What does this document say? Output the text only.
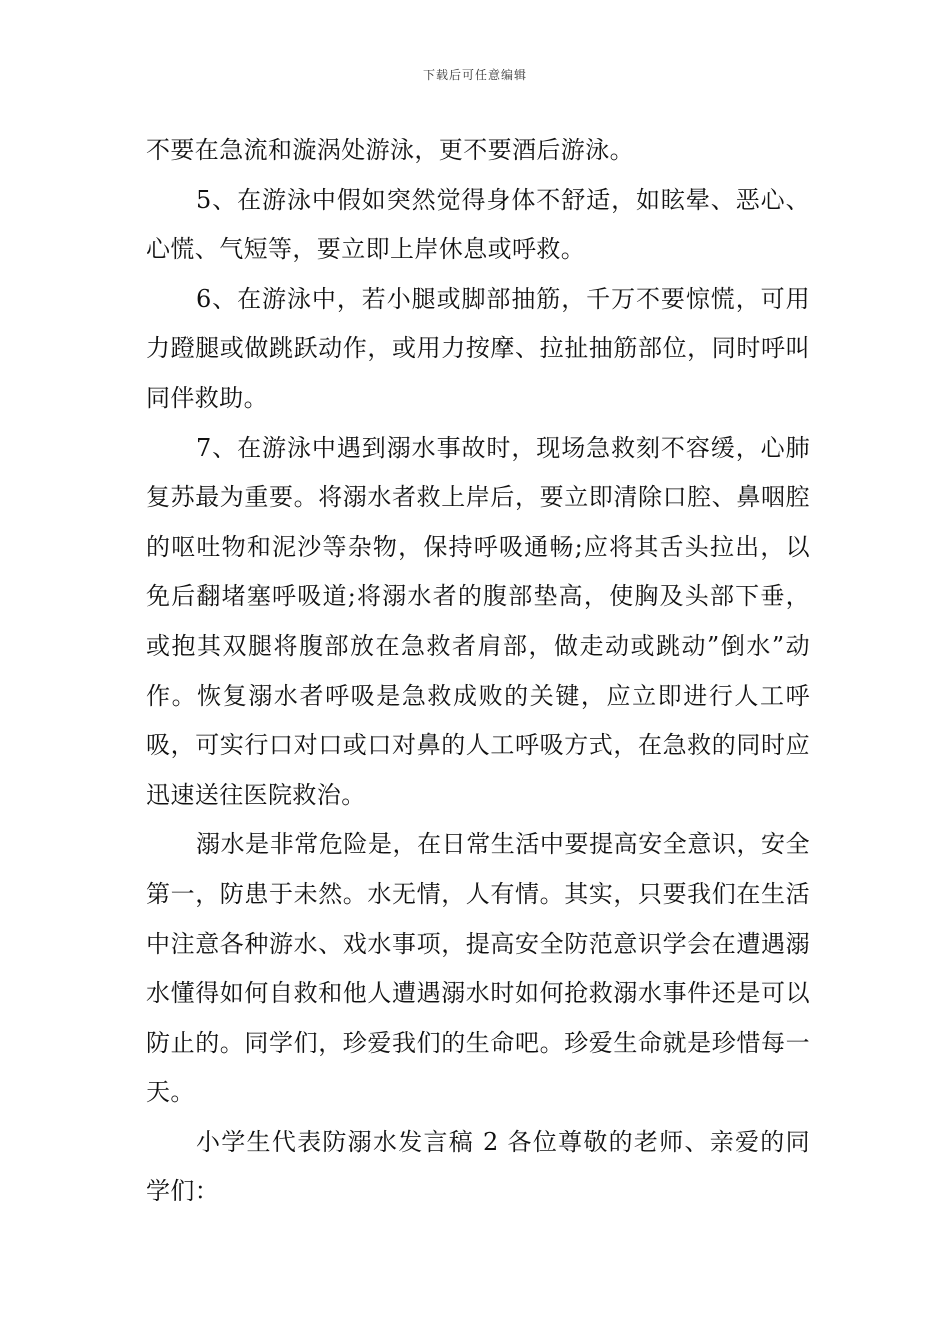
下载后可任意编辑

不要在急流和漩涡处游泳，更不要酒后游泳。

5、在游泳中假如突然觉得身体不舒适，如眩晕、恶心、心慌、气短等，要立即上岸休息或呼救。

6、在游泳中，若小腿或脚部抽筋，千万不要惊慌，可用力蹬腿或做跳跃动作，或用力按摩、拉扯抽筋部位，同时呼叫同伴救助。

7、在游泳中遇到溺水事故时，现场急救刻不容缓，心肺复苏最为重要。将溺水者救上岸后，要立即清除口腔、鼻咽腔的呕吐物和泥沙等杂物，保持呼吸通畅;应将其舌头拉出，以免后翻堵塞呼吸道;将溺水者的腹部垫高，使胸及头部下垂，或抱其双腿将腹部放在急救者肩部，做走动或跳动”倒水”动作。恢复溺水者呼吸是急救成败的关键，应立即进行人工呼吸，可实行口对口或口对鼻的人工呼吸方式，在急救的同时应迅速送往医院救治。

溺水是非常危险是，在日常生活中要提高安全意识，安全第一，防患于未然。水无情，人有情。其实，只要我们在生活中注意各种游水、戏水事项，提高安全防范意识学会在遭遇溺水懂得如何自救和他人遭遇溺水时如何抢救溺水事件还是可以防止的。同学们，珍爱我们的生命吧。珍爱生命就是珍惜每一天。

小学生代表防溺水发言稿 2 各位尊敬的老师、亲爱的同学们：
